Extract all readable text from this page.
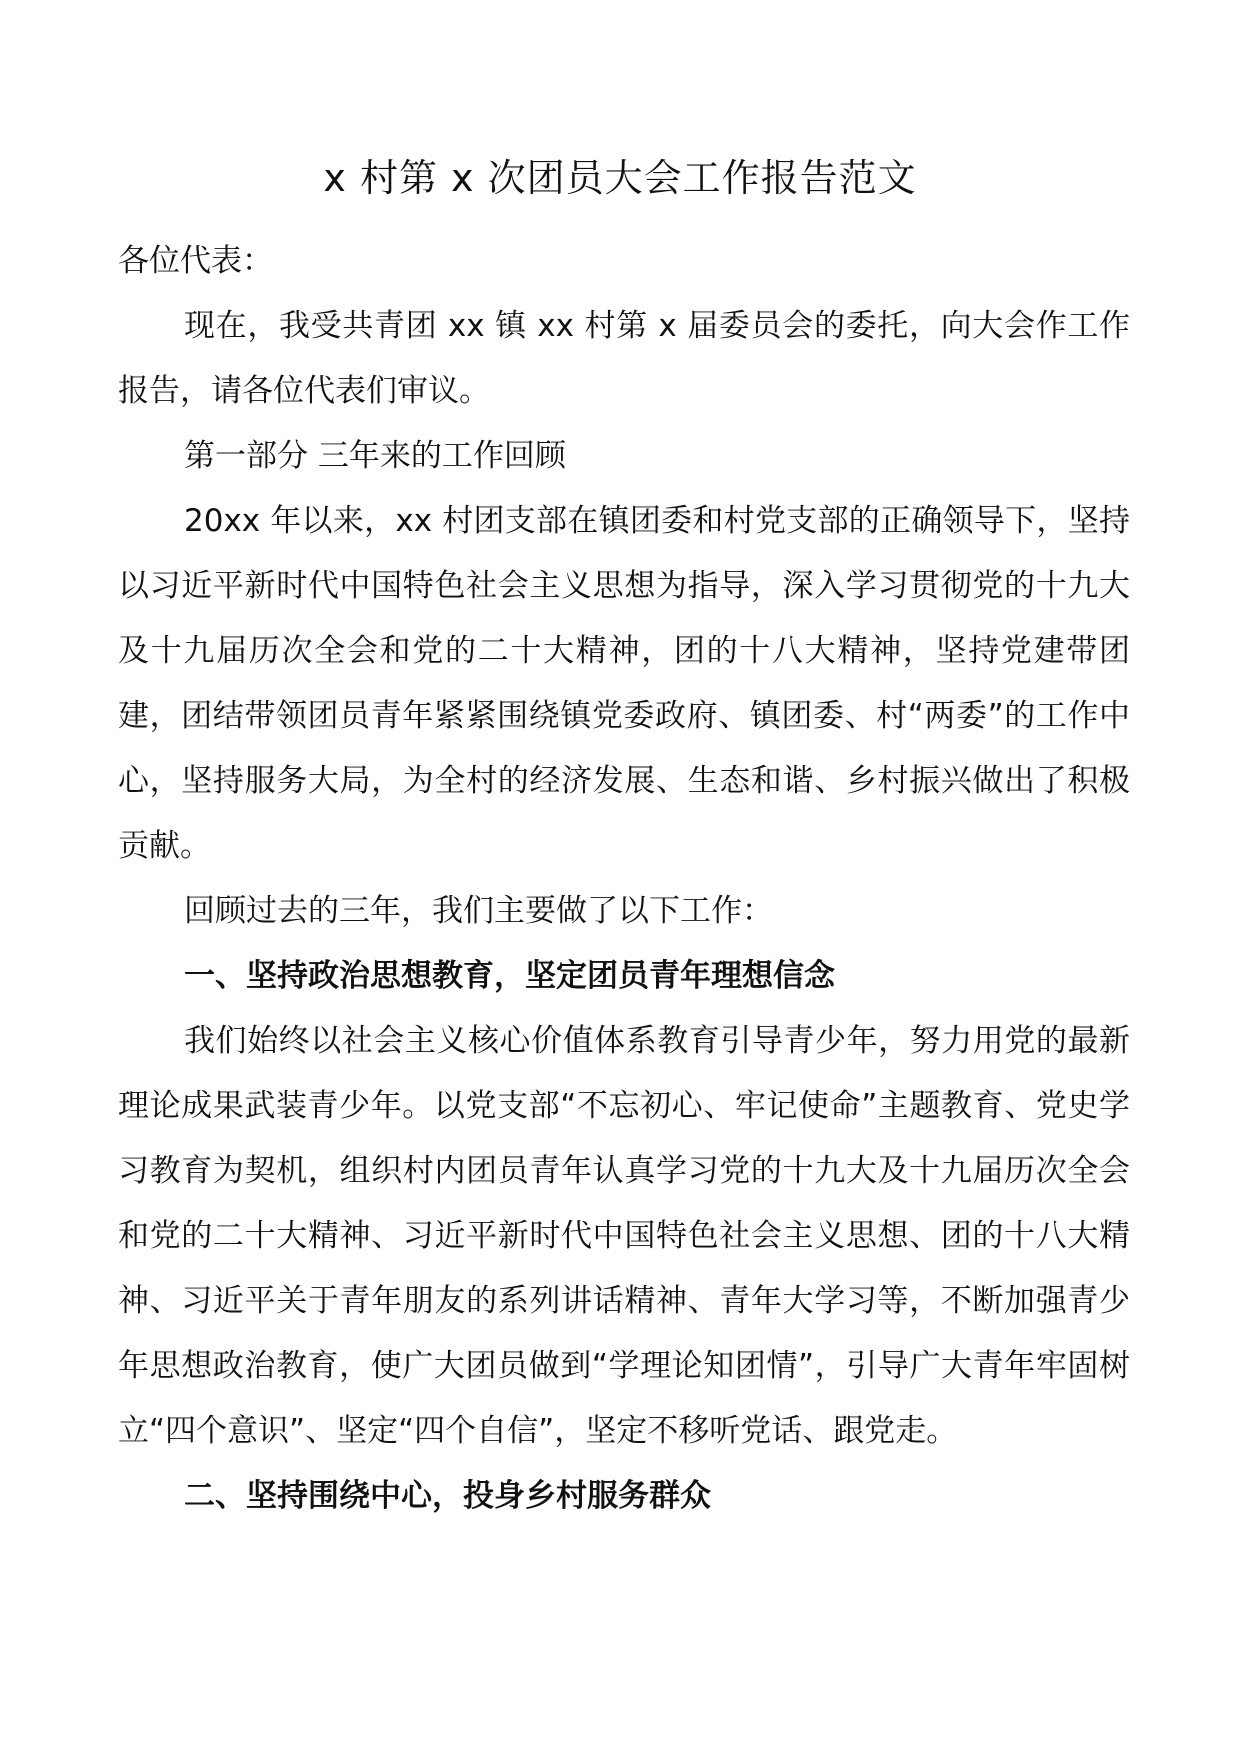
x 村第 x 次团员大会工作报告范文

各位代表：

现在，我受共青团 xx 镇 xx 村第 x 届委员会的委托，向大会作工作报告，请各位代表们审议。

第一部分 三年来的工作回顾

20xx 年以来，xx 村团支部在镇团委和村党支部的正确领导下，坚持以习近平新时代中国特色社会主义思想为指导，深入学习贯彻党的十九大及十九届历次全会和党的二十大精神，团的十八大精神，坚持党建带团建，团结带领团员青年紧紧围绕镇党委政府、镇团委、村“两委”的工作中心，坚持服务大局，为全村的经济发展、生态和谐、乡村振兴做出了积极贡献。

回顾过去的三年，我们主要做了以下工作：

一、坚持政治思想教育，坚定团员青年理想信念

我们始终以社会主义核心价值体系教育引导青少年，努力用党的最新理论成果武装青少年。以党支部“不忘初心、牢记使命”主题教育、党史学习教育为契机，组织村内团员青年认真学习党的十九大及十九届历次全会和党的二十大精神、习近平新时代中国特色社会主义思想、团的十八大精神、习近平关于青年朋友的系列讲话精神、青年大学习等，不断加强青少年思想政治教育，使广大团员做到“学理论知团情”，引导广大青年牢固树立“四个意识”、坚定“四个自信”，坚定不移听党话、跟党走。

二、坚持围绕中心，投身乡村服务群众
